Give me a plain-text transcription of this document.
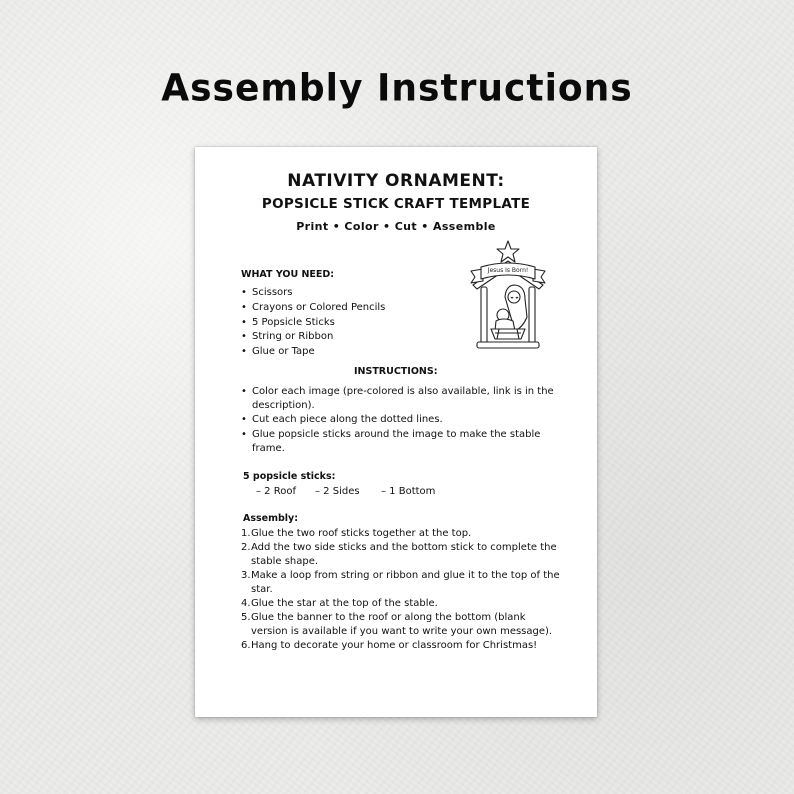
Assembly Instructions
NATIVITY ORNAMENT:
POPSICLE STICK CRAFT TEMPLATE
Print • Color • Cut • Assemble
WHAT YOU NEED:
• Scissors
• Crayons or Colored Pencils
• 5 Popsicle Sticks
• String or Ribbon
• Glue or Tape
Jesus Is Born!
INSTRUCTIONS:
• Color each image (pre-colored is also available, link is in the description).
• Cut each piece along the dotted lines.
• Glue popsicle sticks around the image to make the stable frame.
5 popsicle sticks:
– 2 Roof – 2 Sides – 1 Bottom
Assembly:
1. Glue the two roof sticks together at the top.
2. Add the two side sticks and the bottom stick to complete the stable shape.
3. Make a loop from string or ribbon and glue it to the top of the star.
4. Glue the star at the top of the stable.
5. Glue the banner to the roof or along the bottom (blank version is available if you want to write your own message).
6. Hang to decorate your home or classroom for Christmas!
